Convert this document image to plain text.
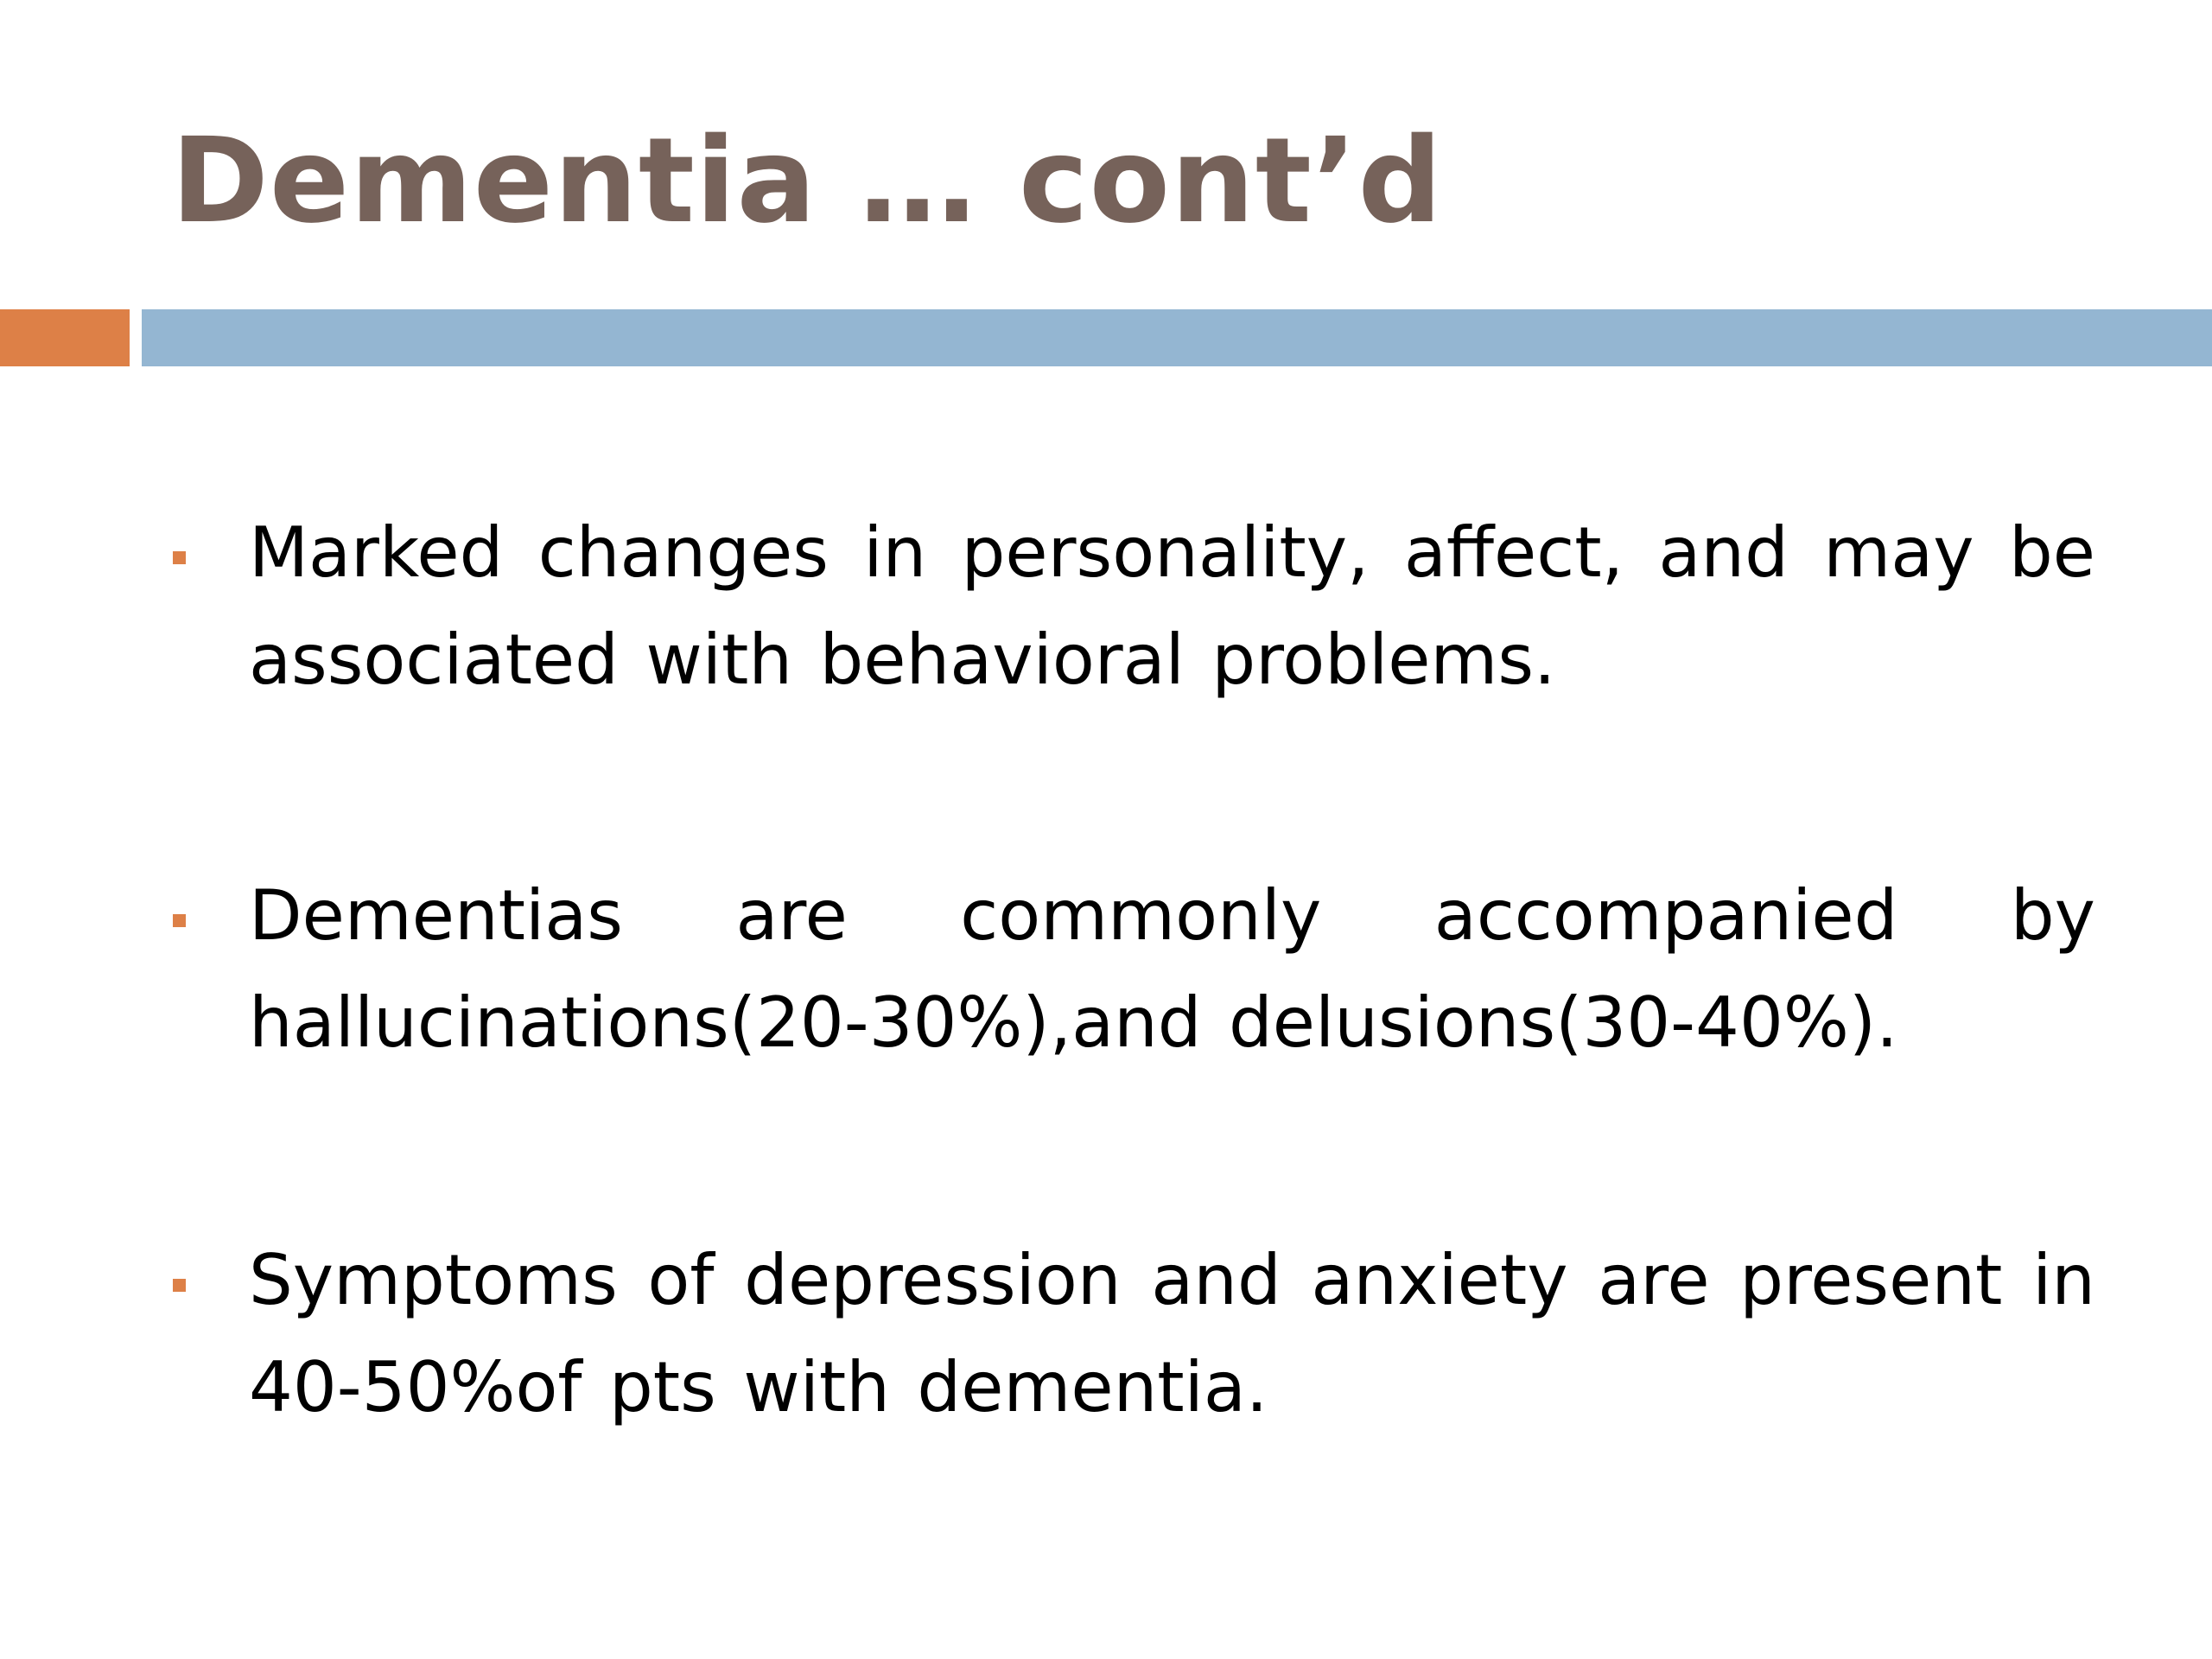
Dementia … cont’d
Marked changes in personality, affect, and may be associated with behavioral problems.
Dementias are commonly accompanied by hallucinations(20-30%),and delusions(30-40%).
Symptoms of depression and anxiety are present in 40-50%of pts with dementia.
